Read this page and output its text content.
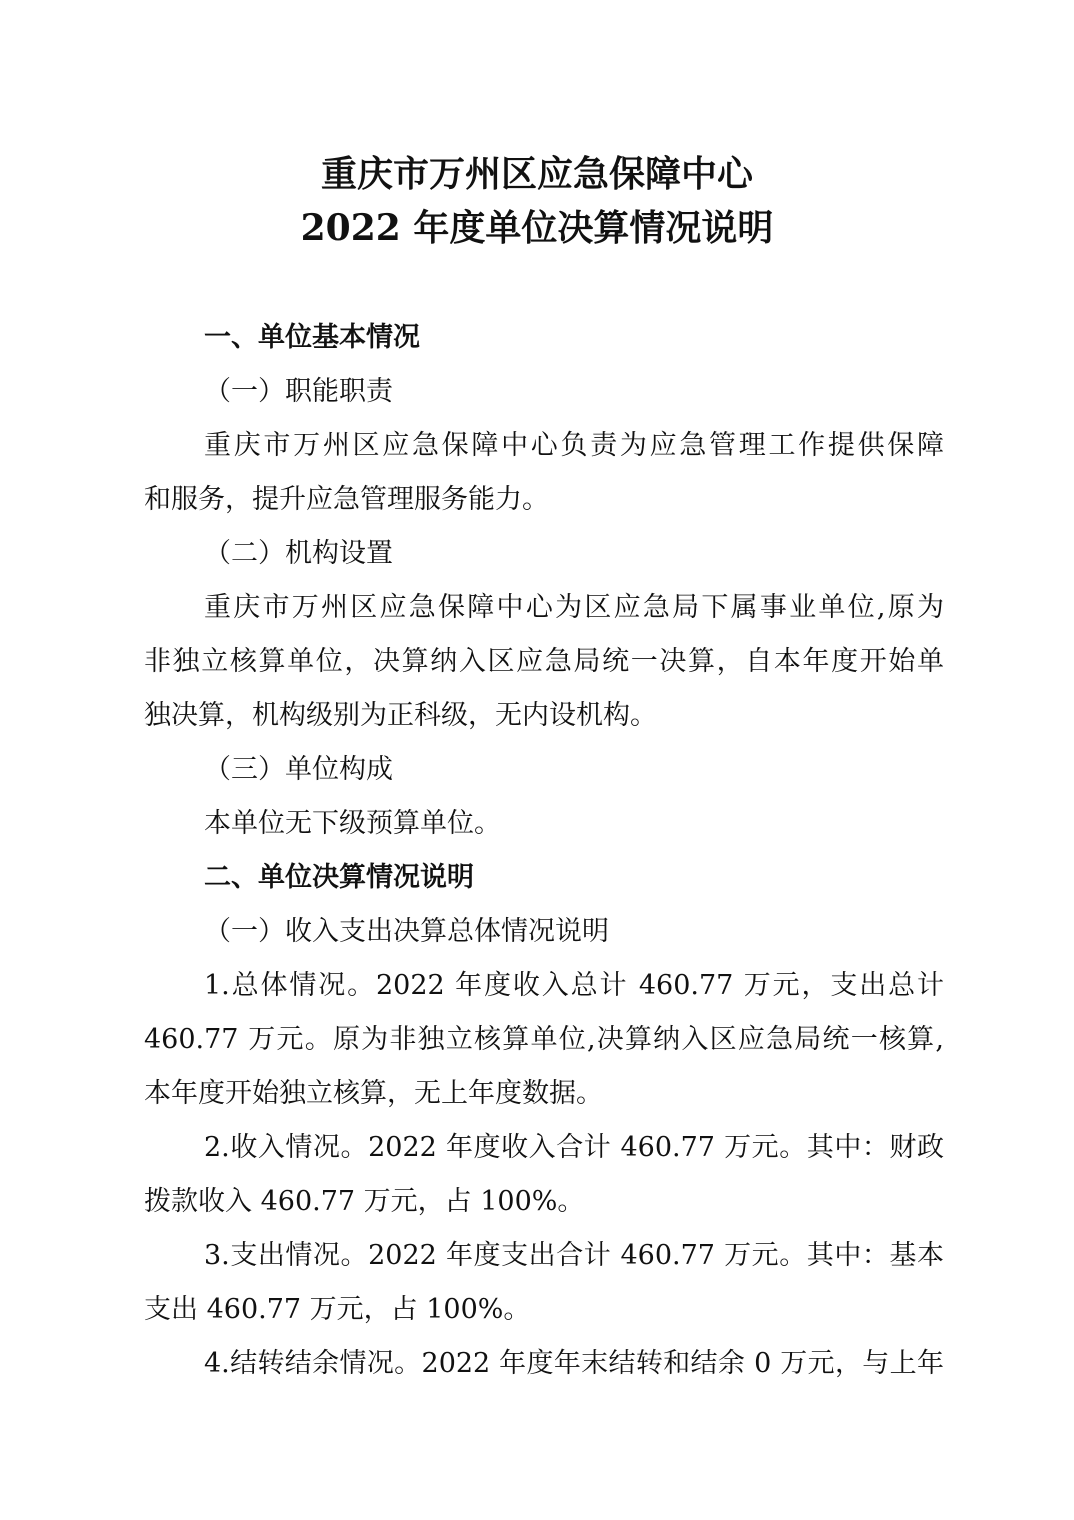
重庆市万州区应急保障中心
2022 年度单位决算情况说明
一、单位基本情况
（一）职能职责
重庆市万州区应急保障中心负责为应急管理工作提供保障
和服务，提升应急管理服务能力。
（二）机构设置
重庆市万州区应急保障中心为区应急局下属事业单位,原为
非独立核算单位，决算纳入区应急局统一决算，自本年度开始单
独决算，机构级别为正科级，无内设机构。
（三）单位构成
本单位无下级预算单位。
二、单位决算情况说明
（一）收入支出决算总体情况说明
1.总体情况。2022 年度收入总计 460.77 万元，支出总计
460.77 万元。原为非独立核算单位,决算纳入区应急局统一核算,
本年度开始独立核算，无上年度数据。
2.收入情况。2022 年度收入合计 460.77 万元。其中：财政
拨款收入 460.77 万元，占 100%。
3.支出情况。2022 年度支出合计 460.77 万元。其中：基本
支出 460.77 万元，占 100%。
4.结转结余情况。2022 年度年末结转和结余 0 万元，与上年
